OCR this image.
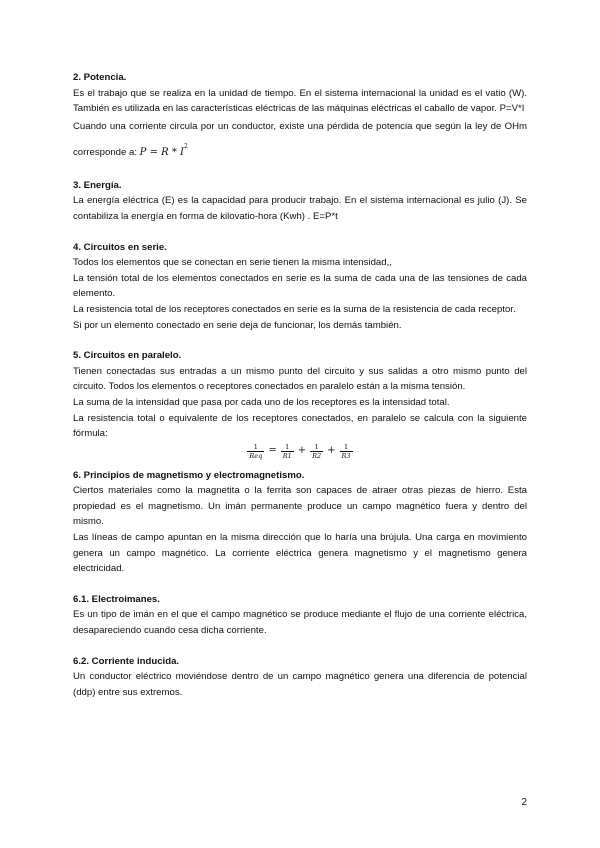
2. Potencia.

Es el trabajo que se realiza en la unidad de tiempo. En el sistema internacional la unidad es el vatio (W). También es utilizada en las características eléctricas de las máquinas eléctricas el caballo de vapor. P=V*I

Cuando una corriente circula por un conductor, existe una pérdida de potencia que según la ley de OHm corresponde a: $P = R * I^2$

3. Energía.

La energía eléctrica (E) es la capacidad para producir trabajo. En el sistema internacional es julio (J). Se contabiliza la energía en forma de kilovatio-hora (Kwh) . E=P*t

4. Circuitos en serie.

Todos los elementos que se conectan en serie tienen la misma intensidad,,

La tensión total de los elementos conectados en serie es la suma de cada una de las tensiones de cada elemento.

La resistencia total de los receptores conectados en serie es la suma de la resistencia de cada receptor.

Si por un elemento conectado en serie deja de funcionar, los demás también.

5. Circuitos en paralelo.

Tienen conectadas sus entradas a un mismo punto del circuito y sus salidas a otro mismo punto del circuito. Todos los elementos o receptores conectados en paralelo están a la misma tensión.

La suma de la intensidad que pasa por cada uno de los receptores es la intensidad total.

La resistencia total o equivalente de los receptores conectados, en paralelo se calcula con la siguiente fórmula:

$\frac{1}{\text{Req}} = \frac{1}{R1} + \frac{1}{R2} + \frac{1}{R3}$
6. Principios de magnetismo y electromagnetismo.

Ciertos materiales como la magnetita o la ferrita son capaces de atraer otras piezas de hierro. Esta propiedad es el magnetismo. Un imán permanente produce un campo magnético fuera y dentro del mismo.

Las líneas de campo apuntan en la misma dirección que lo haría una brújula. Una carga en movimiento genera un campo magnético. La corriente eléctrica genera magnetismo y el magnetismo genera electricidad.

6.1. Electroimanes.

Es un tipo de imán en el que el campo magnético se produce mediante el flujo de una corriente eléctrica, desapareciendo cuando cesa dicha corriente.

6.2. Corriente inducida.

Un conductor eléctrico moviéndose dentro de un campo magnético genera una diferencia de potencial (ddp) entre sus extremos.

2
